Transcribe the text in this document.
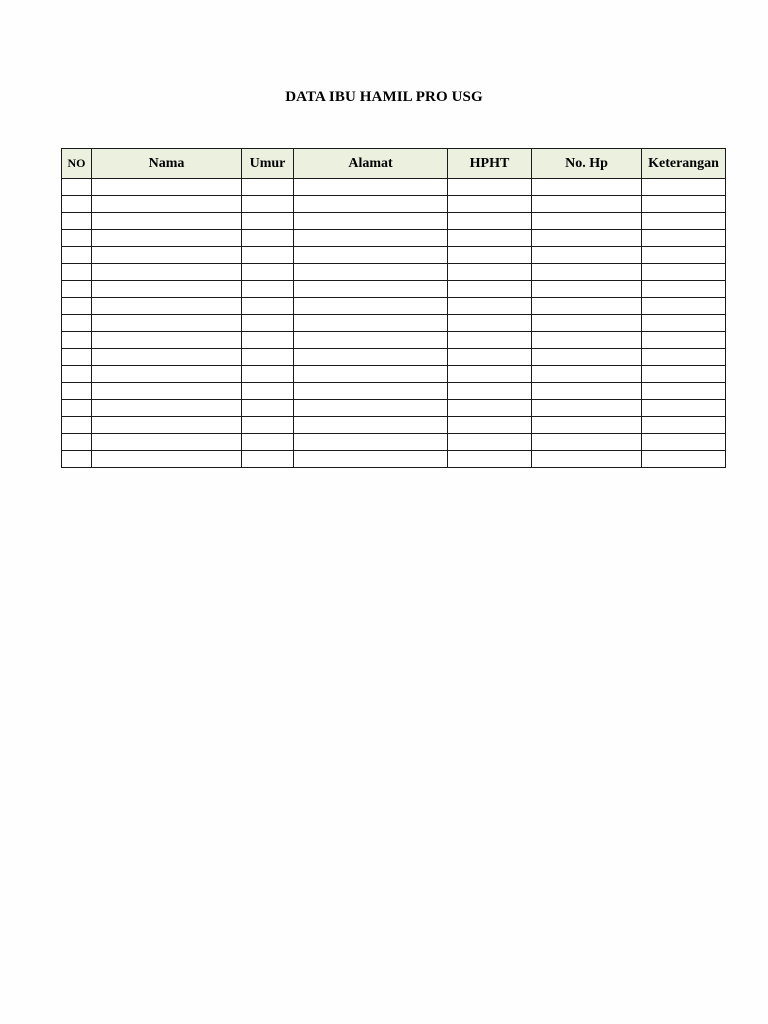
DATA IBU HAMIL PRO USG
NO	Nama	Umur	Alamat	HPHT	No. Hp	Keterangan
